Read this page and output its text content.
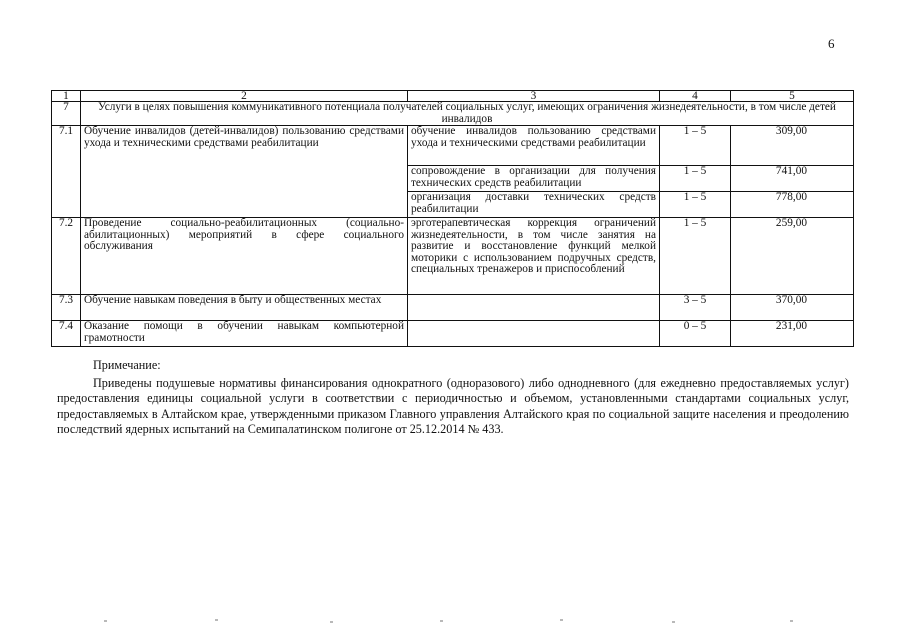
6
1	2	3	4	5
7	Услуги в целях повышения коммуникативного потенциала получателей социальных услуг, имеющих ограничения жизнедеятельности, в том числе детей инвалидов			
7.1	Обучение инвалидов (детей-инвалидов) пользованию средствами ухода и техническими средствами реабилитации	обучение инвалидов пользованию средствами ухода и техническими средствами реабилитации	1 – 5	309,00
		сопровождение в организации для получения технических средств реабилитации	1 – 5	741,00
		организация доставки технических средств реабилитации	1 – 5	778,00
7.2	Проведение социально-реабилитационных (социально-абилитационных) мероприятий в сфере социального обслуживания	эрготерапевтическая коррекция ограничений жизнедеятельности, в том числе занятия на развитие и восстановление функций мелкой моторики с использованием подручных средств, специальных тренажеров и приспособлений	1 – 5	259,00
7.3	Обучение навыкам поведения в быту и общественных местах		3 – 5	370,00
7.4	Оказание помощи в обучении навыкам компьютерной грамотности		0 – 5	231,00
Примечание:

Приведены подушевые нормативы финансирования однократного (одноразового) либо однодневного (для ежедневно предоставляемых услуг) предоставления единицы социальной услуги в соответствии с периодичностью и объемом, установленными стандартами социальных услуг, предоставляемых в Алтайском крае, утвержденными приказом Главного управления Алтайского края по социальной защите населения и преодолению последствий ядерных испытаний на Семипалатинском полигоне от 25.12.2014 № 433.
